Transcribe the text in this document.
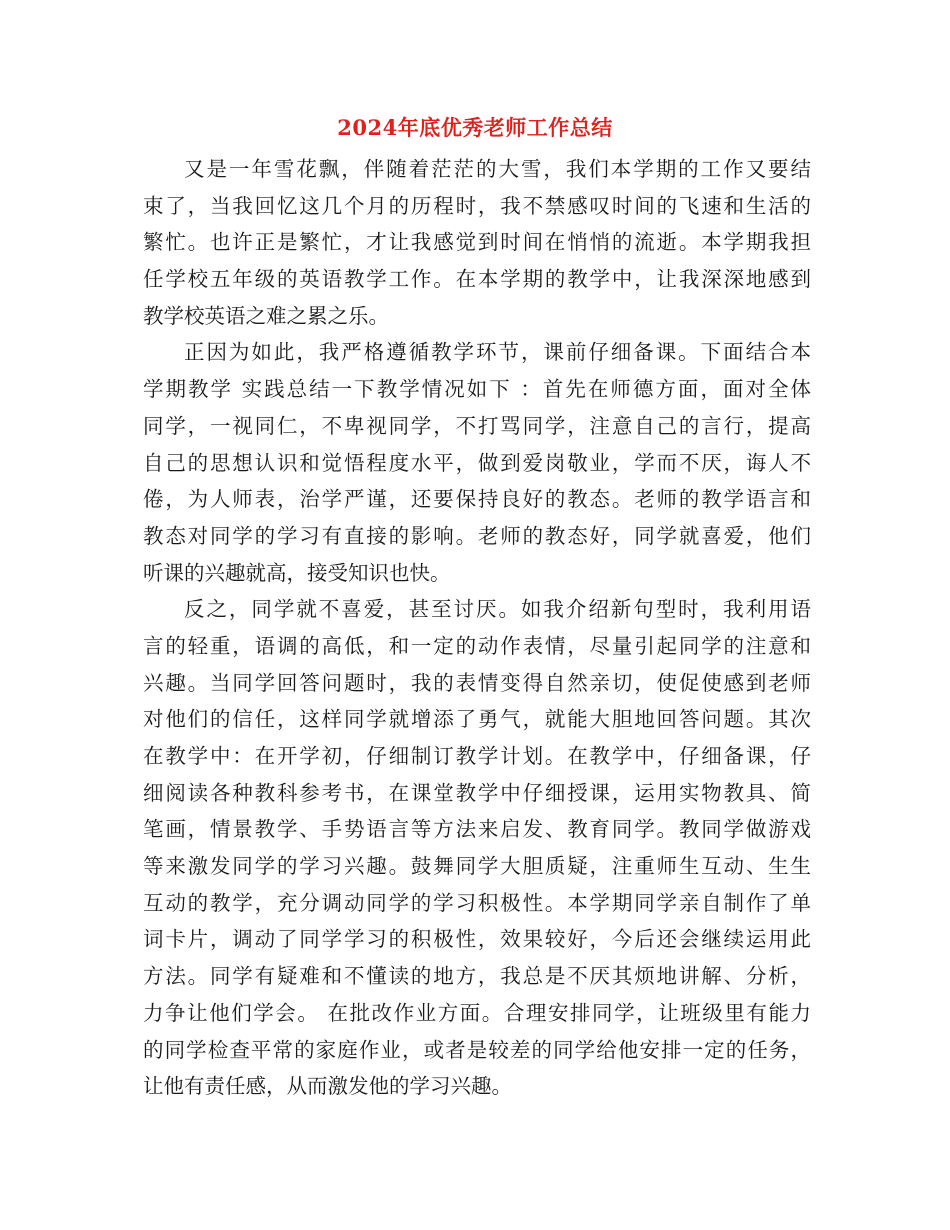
2024年底优秀老师工作总结
又是一年雪花飘，伴随着茫茫的大雪，我们本学期的工作又要结
束了，当我回忆这几个月的历程时，我不禁感叹时间的飞速和生活的
繁忙。也许正是繁忙，才让我感觉到时间在悄悄的流逝。本学期我担
任学校五年级的英语教学工作。在本学期的教学中，让我深深地感到
教学校英语之难之累之乐。
正因为如此，我严格遵循教学环节，课前仔细备课。下面结合本
学期教学 实践总结一下教学情况如下 ：首先在师德方面，面对全体
同学，一视同仁，不卑视同学，不打骂同学，注意自己的言行，提高
自己的思想认识和觉悟程度水平，做到爱岗敬业，学而不厌，诲人不
倦，为人师表，治学严谨，还要保持良好的教态。老师的教学语言和
教态对同学的学习有直接的影响。老师的教态好，同学就喜爱，他们
听课的兴趣就高，接受知识也快。
反之，同学就不喜爱，甚至讨厌。如我介绍新句型时，我利用语
言的轻重，语调的高低，和一定的动作表情，尽量引起同学的注意和
兴趣。当同学回答问题时，我的表情变得自然亲切，使促使感到老师
对他们的信任，这样同学就增添了勇气，就能大胆地回答问题。其次
在教学中：在开学初，仔细制订教学计划。在教学中，仔细备课，仔
细阅读各种教科参考书，在课堂教学中仔细授课，运用实物教具、简
笔画，情景教学、手势语言等方法来启发、教育同学。教同学做游戏
等来激发同学的学习兴趣。鼓舞同学大胆质疑，注重师生互动、生生
互动的教学，充分调动同学的学习积极性。本学期同学亲自制作了单
词卡片，调动了同学学习的积极性，效果较好，今后还会继续运用此
方法。同学有疑难和不懂读的地方，我总是不厌其烦地讲解、分析，
力争让他们学会。 在批改作业方面。合理安排同学，让班级里有能力
的同学检查平常的家庭作业，或者是较差的同学给他安排一定的任务，
让他有责任感，从而激发他的学习兴趣。
